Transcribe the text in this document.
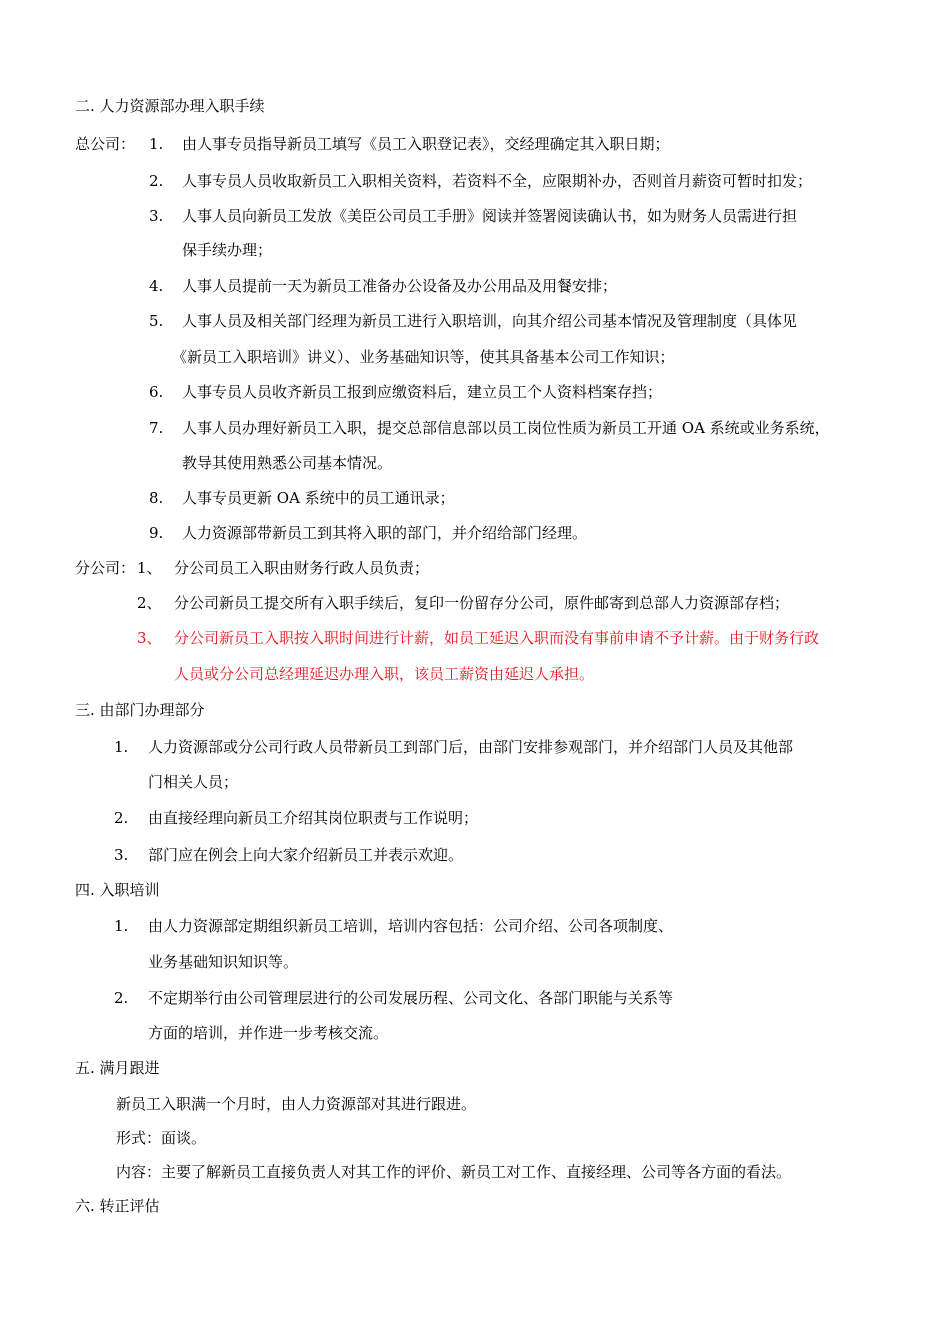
二. 人力资源部办理入职手续
总公司： 1. 由人事专员指导新员工填写《员工入职登记表》，交经理确定其入职日期；
2. 人事专员人员收取新员工入职相关资料，若资料不全，应限期补办，否则首月薪资可暂时扣发；
3. 人事人员向新员工发放《美臣公司员工手册》阅读并签署阅读确认书，如为财务人员需进行担
保手续办理；
4. 人事人员提前一天为新员工准备办公设备及办公用品及用餐安排；
5. 人事人员及相关部门经理为新员工进行入职培训，向其介绍公司基本情况及管理制度（具体见
《新员工入职培训》讲义）、业务基础知识等，使其具备基本公司工作知识；
6. 人事专员人员收齐新员工报到应缴资料后，建立员工个人资料档案存挡；
7. 人事人员办理好新员工入职，提交总部信息部以员工岗位性质为新员工开通 OA 系统或业务系统，
教导其使用熟悉公司基本情况。
8. 人事专员更新 OA 系统中的员工通讯录；
9. 人力资源部带新员工到其将入职的部门，并介绍给部门经理。
分公司： 1、 分公司员工入职由财务行政人员负责；
2、 分公司新员工提交所有入职手续后，复印一份留存分公司，原件邮寄到总部人力资源部存档；
3、 分公司新员工入职按入职时间进行计薪，如员工延迟入职而没有事前申请不予计薪。由于财务行政
人员或分公司总经理延迟办理入职，该员工薪资由延迟人承担。
三. 由部门办理部分
1. 人力资源部或分公司行政人员带新员工到部门后，由部门安排参观部门，并介绍部门人员及其他部
门相关人员；
2. 由直接经理向新员工介绍其岗位职责与工作说明；
3. 部门应在例会上向大家介绍新员工并表示欢迎。
四. 入职培训
1. 由人力资源部定期组织新员工培训，培训内容包括：公司介绍、公司各项制度、
业务基础知识知识等。
2. 不定期举行由公司管理层进行的公司发展历程、公司文化、各部门职能与关系等
方面的培训，并作进一步考核交流。
五. 满月跟进
新员工入职满一个月时，由人力资源部对其进行跟进。
形式：面谈。
内容：主要了解新员工直接负责人对其工作的评价、新员工对工作、直接经理、公司等各方面的看法。
六. 转正评估
